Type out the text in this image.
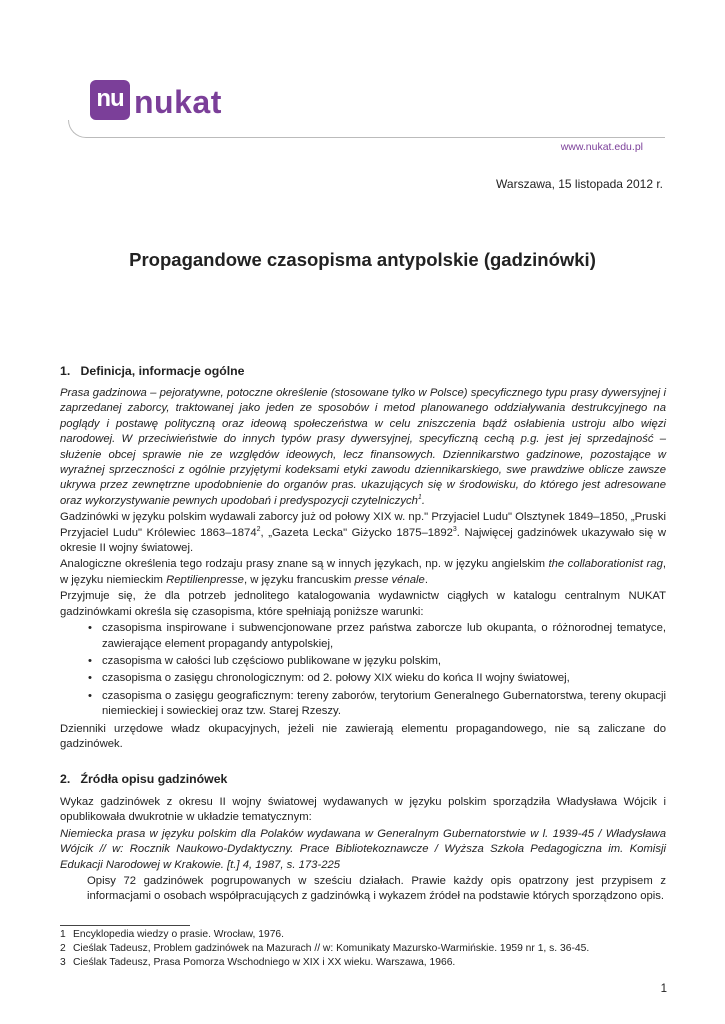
nu nukat
www.nukat.edu.pl
Warszawa, 15 listopada 2012 r.
Propagandowe czasopisma antypolskie (gadzinówki)
1.   Definicja, informacje ogólne

Prasa gadzinowa – pejoratywne, potoczne określenie (stosowane tylko w Polsce) specyficznego typu prasy dywersyjnej i zaprzedanej zaborcy, traktowanej jako jeden ze sposobów i metod planowanego oddziaływania destrukcyjnego na poglądy i postawę polityczną oraz ideową społeczeństwa w celu zniszczenia bądź osłabienia ustroju albo więzi narodowej. W przeciwieństwie do innych typów prasy dywersyjnej, specyficzną cechą p.g. jest jej sprzedajność – służenie obcej sprawie nie ze względów ideowych, lecz finansowych. Dziennikarstwo gadzinowe, pozostające w wyraźnej sprzeczności z ogólnie przyjętymi kodeksami etyki zawodu dziennikarskiego, swe prawdziwe oblicze zawsze ukrywa przez zewnętrzne upodobnienie do organów pras. ukazujących się w środowisku, do którego jest adresowane oraz wykorzystywanie pewnych upodobań i predyspozycji czytelniczych$^1$.

Gadzinówki w języku polskim wydawali zaborcy już od połowy XIX w. np." Przyjaciel Ludu" Olsztynek 1849–1850, „Pruski Przyjaciel Ludu" Królewiec 1863–1874$^2$, „Gazeta Lecka" Giżycko 1875–1892$^3$. Najwięcej gadzinówek ukazywało się w okresie II wojny światowej.

Analogiczne określenia tego rodzaju prasy znane są w innych językach, np. w języku angielskim the collaborationist rag, w języku niemieckim Reptilienpresse, w języku francuskim presse vénale.

Przyjmuje się, że dla potrzeb jednolitego katalogowania wydawnictw ciągłych w katalogu centralnym NUKAT gadzinówkami określa się czasopisma, które spełniają poniższe warunki:

• czasopisma inspirowane i subwencjonowane przez państwa zaborcze lub okupanta, o różnorodnej tematyce, zawierające element propagandy antypolskiej,
• czasopisma w całości lub częściowo publikowane w języku polskim,
• czasopisma o zasięgu chronologicznym: od 2. połowy XIX wieku do końca II wojny światowej,
• czasopisma o zasięgu geograficznym: tereny zaborów, terytorium Generalnego Gubernatorstwa, tereny okupacji niemieckiej i sowieckiej oraz tzw. Starej Rzeszy.

Dzienniki urzędowe władz okupacyjnych, jeżeli nie zawierają elementu propagandowego, nie są zaliczane do gadzinówek.

2.   Źródła opisu gadzinówek

Wykaz gadzinówek z okresu II wojny światowej wydawanych w języku polskim sporządziła Władysława Wójcik i opublikowała dwukrotnie w układzie tematycznym:

Niemiecka prasa w języku polskim dla Polaków wydawana w Generalnym Gubernatorstwie w l. 1939-45 / Władysława Wójcik // w: Rocznik Naukowo-Dydaktyczny. Prace Bibliotekoznawcze / Wyższa Szkoła Pedagogiczna im. Komisji Edukacji Narodowej w Krakowie. [t.] 4, 1987, s. 173-225

Opisy 72 gadzinówek pogrupowanych w sześciu działach. Prawie każdy opis opatrzony jest przypisem z informacjami o osobach współpracujących z gadzinówką i wykazem źródeł na podstawie których sporządzono opis.

1 Encyklopedia wiedzy o prasie. Wrocław, 1976.
2 Cieślak Tadeusz, Problem gadzinówek na Mazurach // w: Komunikaty Mazursko-Warmińskie. 1959 nr 1, s. 36-45.
3 Cieślak Tadeusz, Prasa Pomorza Wschodniego w XIX i XX wieku. Warszawa, 1966.
1
